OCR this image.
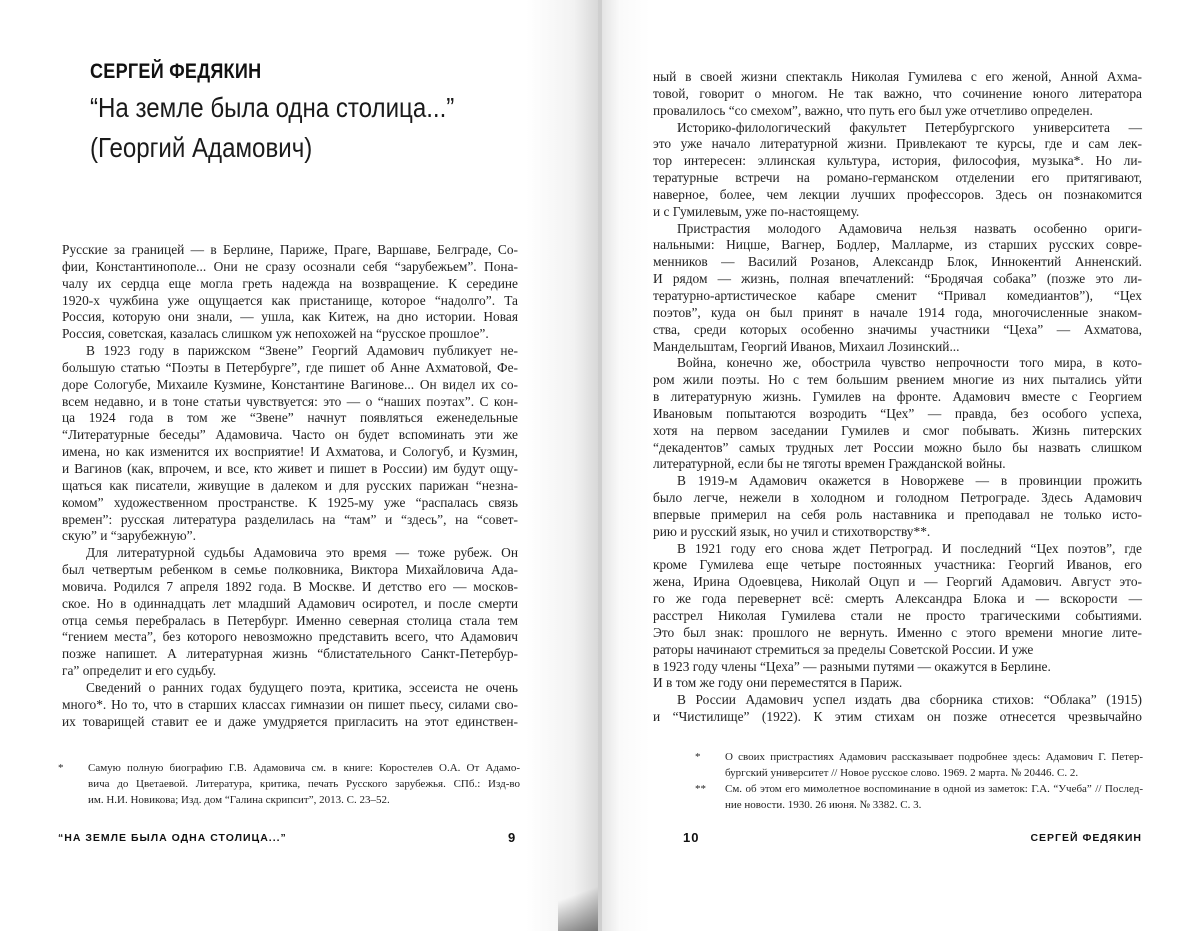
СЕРГЕЙ ФЕДЯКИН
“На земле была одна столица...”
(Георгий Адамович)
Русские за границей — в Берлине, Париже, Праге, Варшаве, Белграде, Со-
фии, Константинополе... Они не сразу осознали себя “зарубежьем”. Пона-
чалу их сердца еще могла греть надежда на возвращение. К середине
1920-х чужбина уже ощущается как пристанище, которое “надолго”. Та
Россия, которую они знали, — ушла, как Китеж, на дно истории. Новая
Россия, советская, казалась слишком уж непохожей на “русское прошлое”.
В 1923 году в парижском “Звене” Георгий Адамович публикует не-
большую статью “Поэты в Петербурге”, где пишет об Анне Ахматовой, Фе-
доре Сологубе, Михаиле Кузмине, Константине Вагинове... Он видел их со-
всем недавно, и в тоне статьи чувствуется: это — о “наших поэтах”. С кон-
ца 1924 года в том же “Звене” начнут появляться еженедельные
“Литературные беседы” Адамовича. Часто он будет вспоминать эти же
имена, но как изменится их восприятие! И Ахматова, и Сологуб, и Кузмин,
и Вагинов (как, впрочем, и все, кто живет и пишет в России) им будут ощу-
щаться как писатели, живущие в далеком и для русских парижан “незна-
комом” художественном пространстве. К 1925-му уже “распалась связь
времен”: русская литература разделилась на “там” и “здесь”, на “совет-
скую” и “зарубежную”.
Для литературной судьбы Адамовича это время — тоже рубеж. Он
был четвертым ребенком в семье полковника, Виктора Михайловича Ада-
мовича. Родился 7 апреля 1892 года. В Москве. И детство его — москов-
ское. Но в одиннадцать лет младший Адамович осиротел, и после смерти
отца семья перебралась в Петербург. Именно северная столица стала тем
“гением места”, без которого невозможно представить всего, что Адамович
позже напишет. А литературная жизнь “блистательного Санкт-Петербур-
га” определит и его судьбу.
Сведений о ранних годах будущего поэта, критика, эссеиста не очень
много*. Но то, что в старших классах гимназии он пишет пьесу, силами сво-
их товарищей ставит ее и даже умудряется пригласить на этот единствен-
* Самую полную биографию Г.В. Адамовича см. в книге: Коростелев О.А. От Адамо-
вича до Цветаевой. Литература, критика, печать Русского зарубежья. СПб.: Изд-во
им. Н.И. Новикова; Изд. дом “Галина скрипсит”, 2013. С. 23–52.
“НА ЗЕМЛЕ БЫЛА ОДНА СТОЛИЦА...”	9
ный в своей жизни спектакль Николая Гумилева с его женой, Анной Ахма-
товой, говорит о многом. Не так важно, что сочинение юного литератора
провалилось “со смехом”, важно, что путь его был уже отчетливо определен.
Историко-филологический факультет Петербургского университета —
это уже начало литературной жизни. Привлекают те курсы, где и сам лек-
тор интересен: эллинская культура, история, философия, музыка*. Но ли-
тературные встречи на романо-германском отделении его притягивают,
наверное, более, чем лекции лучших профессоров. Здесь он познакомится
и с Гумилевым, уже по-настоящему.
Пристрастия молодого Адамовича нельзя назвать особенно ориги-
нальными: Ницше, Вагнер, Бодлер, Малларме, из старших русских совре-
менников — Василий Розанов, Александр Блок, Иннокентий Анненский.
И рядом — жизнь, полная впечатлений: “Бродячая собака” (позже это ли-
тературно-артистическое кабаре сменит “Привал комедиантов”), “Цех
поэтов”, куда он был принят в начале 1914 года, многочисленные знаком-
ства, среди которых особенно значимы участники “Цеха” — Ахматова,
Мандельштам, Георгий Иванов, Михаил Лозинский...
Война, конечно же, обострила чувство непрочности того мира, в кото-
ром жили поэты. Но с тем большим рвением многие из них пытались уйти
в литературную жизнь. Гумилев на фронте. Адамович вместе с Георгием
Ивановым попытаются возродить “Цех” — правда, без особого успеха,
хотя на первом заседании Гумилев и смог побывать. Жизнь питерских
“декадентов” самых трудных лет России можно было бы назвать слишком
литературной, если бы не тяготы времен Гражданской войны.
В 1919-м Адамович окажется в Новоржеве — в провинции прожить
было легче, нежели в холодном и голодном Петрограде. Здесь Адамович
впервые примерил на себя роль наставника и преподавал не только исто-
рию и русский язык, но учил и стихотворству**.
В 1921 году его снова ждет Петроград. И последний “Цех поэтов”, где
кроме Гумилева еще четыре постоянных участника: Георгий Иванов, его
жена, Ирина Одоевцева, Николай Оцуп и — Георгий Адамович. Август это-
го же года перевернет всё: смерть Александра Блока и — вскорости —
расстрел Николая Гумилева стали не просто трагическими событиями.
Это был знак: прошлого не вернуть. Именно с этого времени многие лите-
раторы начинают стремиться за пределы Советской России. И уже
в 1923 году члены “Цеха” — разными путями — окажутся в Берлине.
И в том же году они переместятся в Париж.
В России Адамович успел издать два сборника стихов: “Облака” (1915)
и “Чистилище” (1922). К этим стихам он позже отнесется чрезвычайно
* О своих пристрастиях Адамович рассказывает подробнее здесь: Адамович Г. Петер-
бургский университет // Новое русское слово. 1969. 2 марта. № 20446. С. 2.
** См. об этом его мимолетное воспоминание в одной из заметок: Г.А. “Учеба” // Послед-
ние новости. 1930. 26 июня. № 3382. С. 3.
10	СЕРГЕЙ ФЕДЯКИН
